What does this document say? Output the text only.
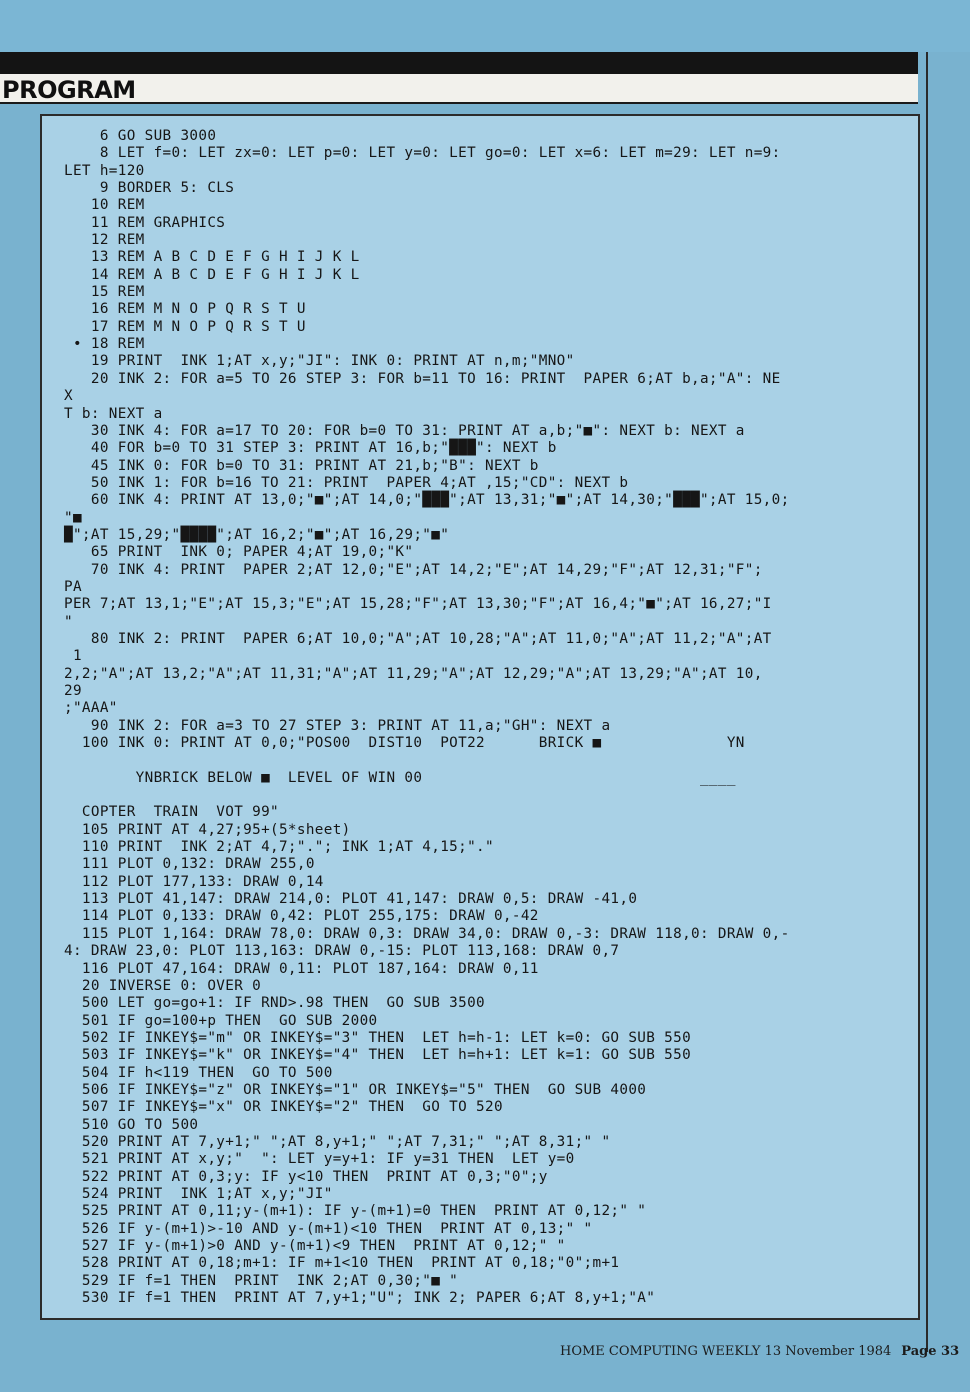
PROGRAM
6 GO SUB 3000
8 LET f=0: LET zx=0: LET p=0: LET y=0: LET go=0: LET x=6: LET m=29: LET n=9:
LET h=120
9 BORDER 5: CLS
10 REM
11 REM GRAPHICS
12 REM
13 REM A B C D E F G H I J K L
14 REM A B C D E F G H I J K L
15 REM
16 REM M N O P Q R S T U
17 REM M N O P Q R S T U
• 18 REM
19 PRINT  INK 1;AT x,y;"JI": INK 0: PRINT AT n,m;"MNO"
20 INK 2: FOR a=5 TO 26 STEP 3: FOR b=11 TO 16: PRINT  PAPER 6;AT b,a;"A": NE
X
T b: NEXT a
30 INK 4: FOR a=17 TO 20: FOR b=0 TO 31: PRINT AT a,b;"■": NEXT b: NEXT a
40 FOR b=0 TO 31 STEP 3: PRINT AT 16,b;"███": NEXT b
45 INK 0: FOR b=0 TO 31: PRINT AT 21,b;"B": NEXT b
50 INK 1: FOR b=16 TO 21: PRINT  PAPER 4;AT ,15;"CD": NEXT b
60 INK 4: PRINT AT 13,0;"■";AT 14,0;"███";AT 13,31;"■";AT 14,30;"███";AT 15,0;
"■
█";AT 15,29;"████";AT 16,2;"■";AT 16,29;"■"
65 PRINT  INK 0; PAPER 4;AT 19,0;"K"
70 INK 4: PRINT  PAPER 2;AT 12,0;"E";AT 14,2;"E";AT 14,29;"F";AT 12,31;"F";
PA
PER 7;AT 13,1;"E";AT 15,3;"E";AT 15,28;"F";AT 13,30;"F";AT 16,4;"■";AT 16,27;"I
"
80 INK 2: PRINT  PAPER 6;AT 10,0;"A";AT 10,28;"A";AT 11,0;"A";AT 11,2;"A";AT
1
2,2;"A";AT 13,2;"A";AT 11,31;"A";AT 11,29;"A";AT 12,29;"A";AT 13,29;"A";AT 10,
29
;"AAA"
90 INK 2: FOR a=3 TO 27 STEP 3: PRINT AT 11,a;"GH": NEXT a
100 INK 0: PRINT AT 0,0;"POS00  DIST10  POT22      BRICK ■              YN
YNBRICK BELOW ■  LEVEL OF WIN 00                               ____
COPTER  TRAIN  VOT 99"
105 PRINT AT 4,27;95+(5*sheet)
110 PRINT  INK 2;AT 4,7;"."; INK 1;AT 4,15;"."
111 PLOT 0,132: DRAW 255,0
112 PLOT 177,133: DRAW 0,14
113 PLOT 41,147: DRAW 214,0: PLOT 41,147: DRAW 0,5: DRAW -41,0
114 PLOT 0,133: DRAW 0,42: PLOT 255,175: DRAW 0,-42
115 PLOT 1,164: DRAW 78,0: DRAW 0,3: DRAW 34,0: DRAW 0,-3: DRAW 118,0: DRAW 0,-
4: DRAW 23,0: PLOT 113,163: DRAW 0,-15: PLOT 113,168: DRAW 0,7
116 PLOT 47,164: DRAW 0,11: PLOT 187,164: DRAW 0,11
20 INVERSE 0: OVER 0
500 LET go=go+1: IF RND>.98 THEN  GO SUB 3500
501 IF go=100+p THEN  GO SUB 2000
502 IF INKEY$="m" OR INKEY$="3" THEN  LET h=h-1: LET k=0: GO SUB 550
503 IF INKEY$="k" OR INKEY$="4" THEN  LET h=h+1: LET k=1: GO SUB 550
504 IF h<119 THEN  GO TO 500
506 IF INKEY$="z" OR INKEY$="1" OR INKEY$="5" THEN  GO SUB 4000
507 IF INKEY$="x" OR INKEY$="2" THEN  GO TO 520
510 GO TO 500
520 PRINT AT 7,y+1;" ";AT 8,y+1;" ";AT 7,31;" ";AT 8,31;" "
521 PRINT AT x,y;"  ": LET y=y+1: IF y=31 THEN  LET y=0
522 PRINT AT 0,3;y: IF y<10 THEN  PRINT AT 0,3;"0";y
524 PRINT  INK 1;AT x,y;"JI"
525 PRINT AT 0,11;y-(m+1): IF y-(m+1)=0 THEN  PRINT AT 0,12;" "
526 IF y-(m+1)>-10 AND y-(m+1)<10 THEN  PRINT AT 0,13;" "
527 IF y-(m+1)>0 AND y-(m+1)<9 THEN  PRINT AT 0,12;" "
528 PRINT AT 0,18;m+1: IF m+1<10 THEN  PRINT AT 0,18;"0";m+1
529 IF f=1 THEN  PRINT  INK 2;AT 0,30;"■ "
530 IF f=1 THEN  PRINT AT 7,y+1;"U"; INK 2; PAPER 6;AT 8,y+1;"A"
HOME COMPUTING WEEKLY 13 November 1984 Page 33
